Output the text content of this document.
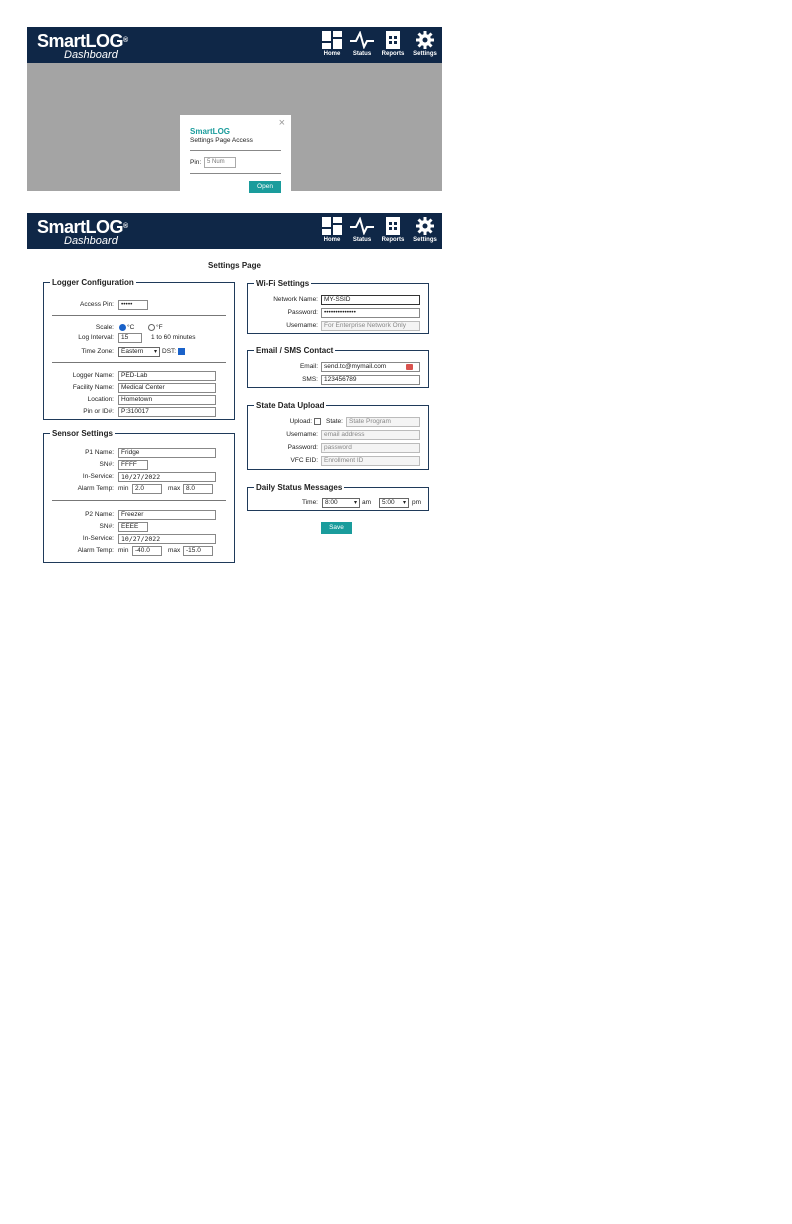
SmartLOG®
Dashboard	Home	Status	Reports	Settings
×
SmartLOG
Settings Page Access
Pin: 5 Num
Open
SmartLOG®
Dashboard	Home	Status	Reports	Settings
Settings Page
Logger Configuration
Access Pin:	•••••
Scale: °C	°F
Log Interval:	15	1 to 60 minutes
Time Zone:	Eastern ▾ DST:
Logger Name:	PED-Lab
Facility Name:	Medical Center
Location:	Hometown
Pin or ID#:	P:310017
Sensor Settings
P1 Name:	Fridge
SN#:	FFFF
In-Service:	10/27/2022
Alarm Temp: min	2.0	max 8.0
P2 Name:	Freezer
SN#:	EEEE
In-Service:	10/27/2022
Alarm Temp: min	-40.0	max -15.0
Wi-Fi Settings
Network Name: MY-SSID
Password: ••••••••••••••
Username: For Enterprise Network Only
Email / SMS Contact
Email: send.tc@mymail.com
SMS: 123456789
State Data Upload
Upload: State: State Program
Username: email address
Password: password
VFC EID: Enrollment ID
Daily Status Messages
Time:	8:00	▾ am	5:00 ▾ pm
Save
